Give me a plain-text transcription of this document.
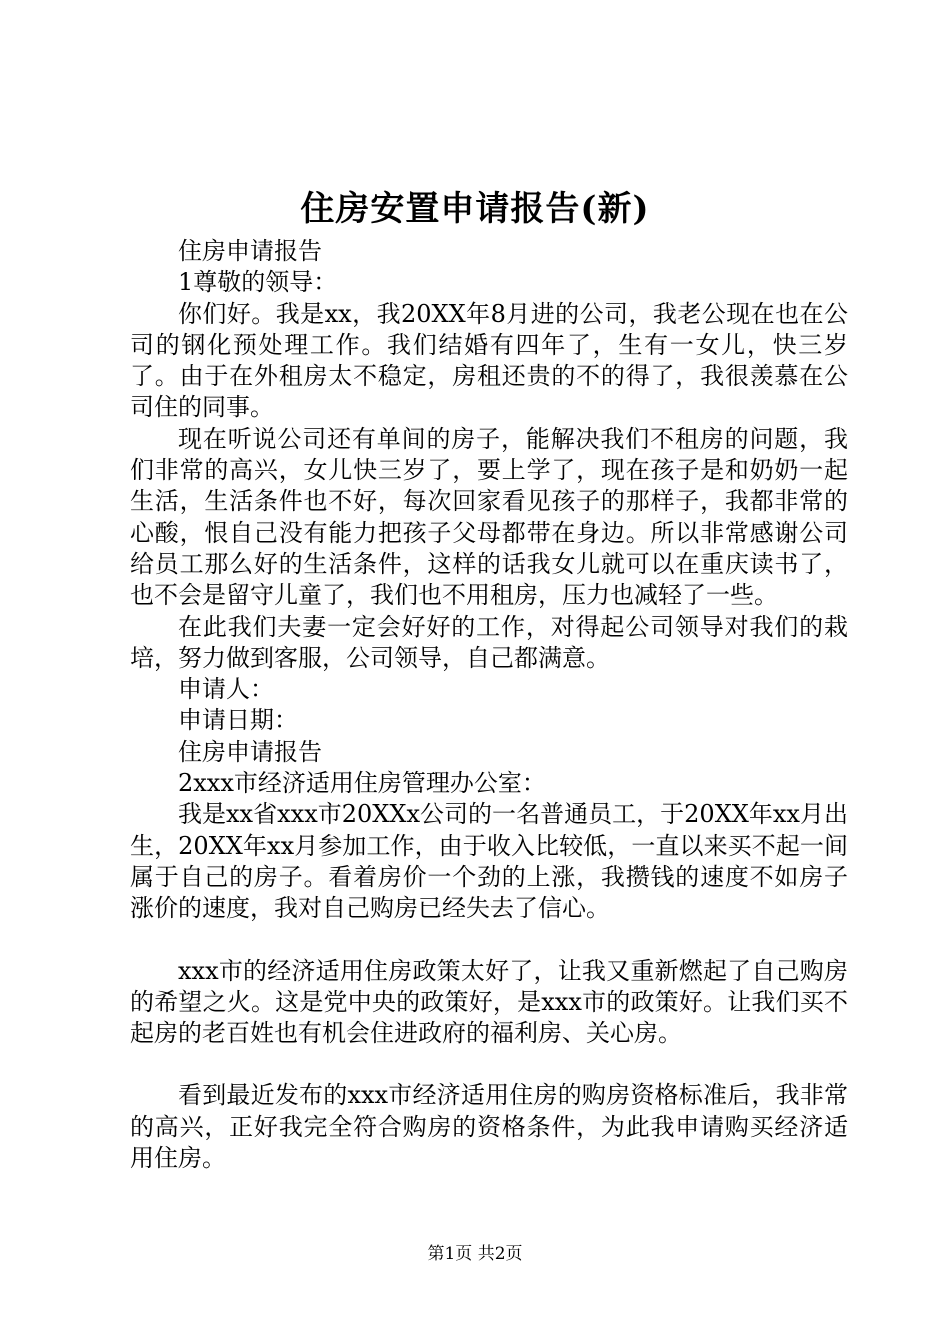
住房安置申请报告(新)

住房申请报告

1尊敬的领导：

你们好。我是xx，我20XX年8月进的公司，我老公现在也在公司的钢化预处理工作。我们结婚有四年了，生有一女儿，快三岁了。由于在外租房太不稳定，房租还贵的不的得了，我很羡慕在公司住的同事。

现在听说公司还有单间的房子，能解决我们不租房的问题，我们非常的高兴，女儿快三岁了，要上学了，现在孩子是和奶奶一起生活，生活条件也不好，每次回家看见孩子的那样子，我都非常的心酸，恨自己没有能力把孩子父母都带在身边。所以非常感谢公司给员工那么好的生活条件，这样的话我女儿就可以在重庆读书了，也不会是留守儿童了，我们也不用租房，压力也减轻了一些。

在此我们夫妻一定会好好的工作，对得起公司领导对我们的栽培，努力做到客服，公司领导，自己都满意。

申请人：

申请日期：

住房申请报告

2xxx市经济适用住房管理办公室：

我是xx省xxx市20XXx公司的一名普通员工，于20XX年xx月出生，20XX年xx月参加工作，由于收入比较低，一直以来买不起一间属于自己的房子。看着房价一个劲的上涨，我攒钱的速度不如房子涨价的速度，我对自己购房已经失去了信心。

xxx市的经济适用住房政策太好了，让我又重新燃起了自己购房的希望之火。这是党中央的政策好，是xxx市的政策好。让我们买不起房的老百姓也有机会住进政府的福利房、关心房。

看到最近发布的xxx市经济适用住房的购房资格标准后，我非常的高兴，正好我完全符合购房的资格条件，为此我申请购买经济适用住房。

第1页 共2页
